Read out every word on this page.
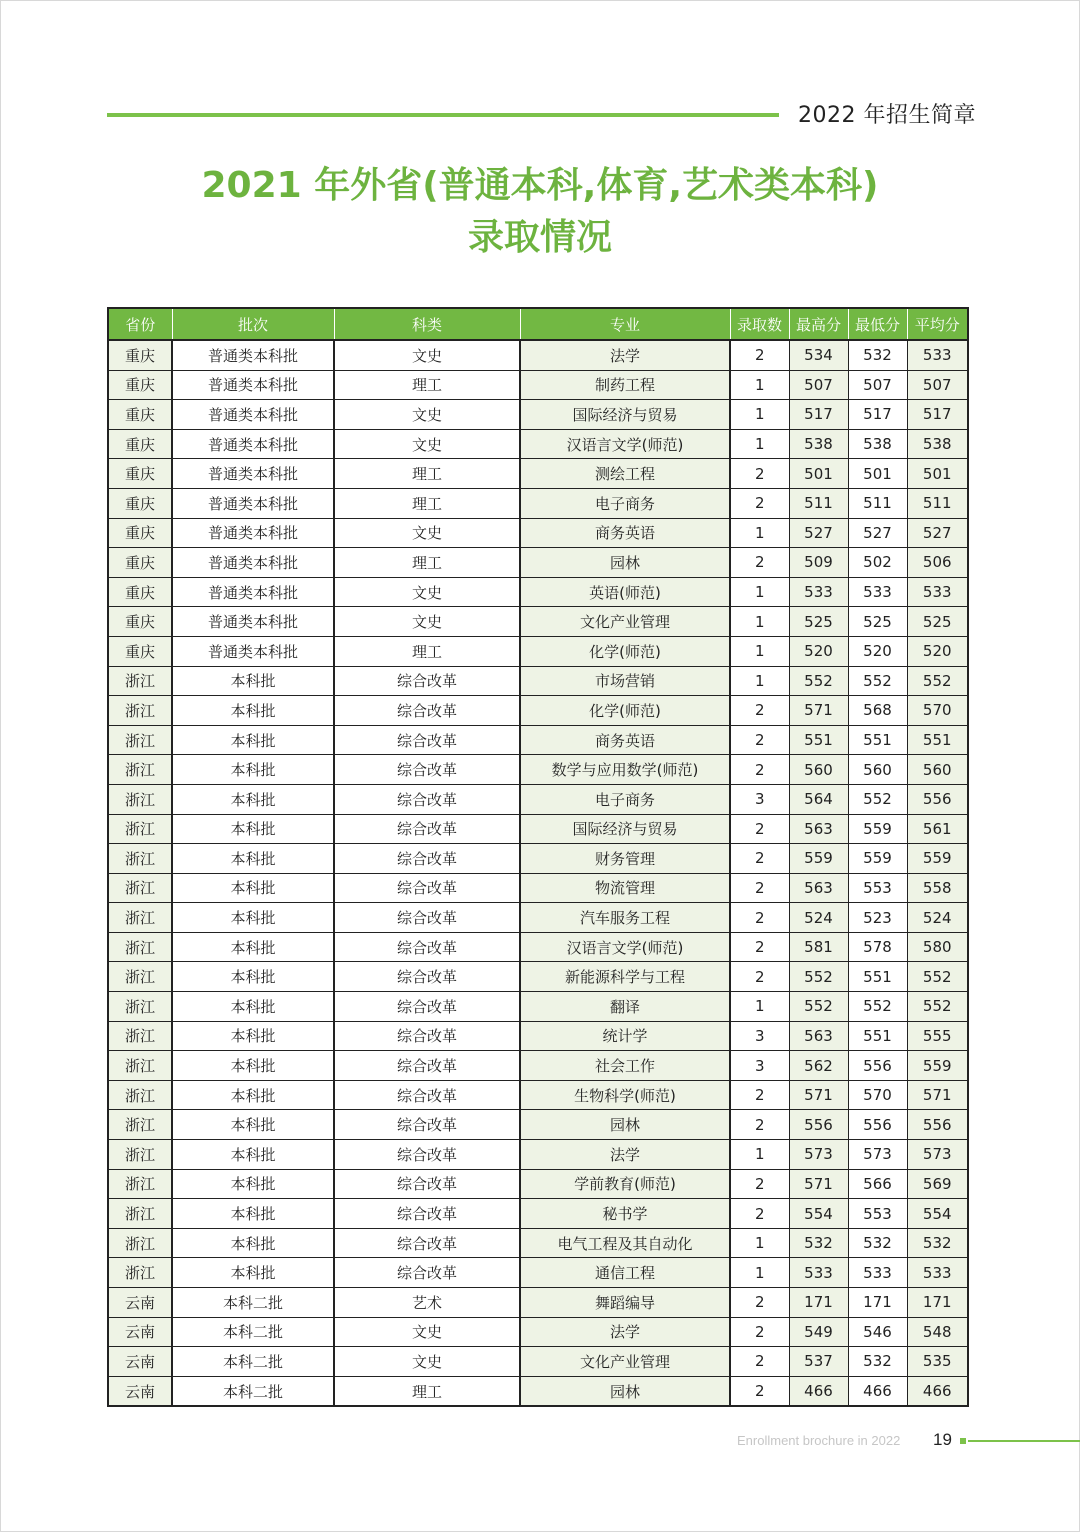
2022 年招生简章
2021 年外省(普通本科,体育,艺术类本科)
录取情况
省份	批次	科类	专业	录取数	最高分	最低分	平均分
重庆	普通类本科批	文史	法学	2	534	532	533
重庆	普通类本科批	理工	制药工程	1	507	507	507
重庆	普通类本科批	文史	国际经济与贸易	1	517	517	517
重庆	普通类本科批	文史	汉语言文学(师范)	1	538	538	538
重庆	普通类本科批	理工	测绘工程	2	501	501	501
重庆	普通类本科批	理工	电子商务	2	511	511	511
重庆	普通类本科批	文史	商务英语	1	527	527	527
重庆	普通类本科批	理工	园林	2	509	502	506
重庆	普通类本科批	文史	英语(师范)	1	533	533	533
重庆	普通类本科批	文史	文化产业管理	1	525	525	525
重庆	普通类本科批	理工	化学(师范)	1	520	520	520
浙江	本科批	综合改革	市场营销	1	552	552	552
浙江	本科批	综合改革	化学(师范)	2	571	568	570
浙江	本科批	综合改革	商务英语	2	551	551	551
浙江	本科批	综合改革	数学与应用数学(师范)	2	560	560	560
浙江	本科批	综合改革	电子商务	3	564	552	556
浙江	本科批	综合改革	国际经济与贸易	2	563	559	561
浙江	本科批	综合改革	财务管理	2	559	559	559
浙江	本科批	综合改革	物流管理	2	563	553	558
浙江	本科批	综合改革	汽车服务工程	2	524	523	524
浙江	本科批	综合改革	汉语言文学(师范)	2	581	578	580
浙江	本科批	综合改革	新能源科学与工程	2	552	551	552
浙江	本科批	综合改革	翻译	1	552	552	552
浙江	本科批	综合改革	统计学	3	563	551	555
浙江	本科批	综合改革	社会工作	3	562	556	559
浙江	本科批	综合改革	生物科学(师范)	2	571	570	571
浙江	本科批	综合改革	园林	2	556	556	556
浙江	本科批	综合改革	法学	1	573	573	573
浙江	本科批	综合改革	学前教育(师范)	2	571	566	569
浙江	本科批	综合改革	秘书学	2	554	553	554
浙江	本科批	综合改革	电气工程及其自动化	1	532	532	532
浙江	本科批	综合改革	通信工程	1	533	533	533
云南	本科二批	艺术	舞蹈编导	2	171	171	171
云南	本科二批	文史	法学	2	549	546	548
云南	本科二批	文史	文化产业管理	2	537	532	535
云南	本科二批	理工	园林	2	466	466	466
Enrollment brochure in 2022 19
